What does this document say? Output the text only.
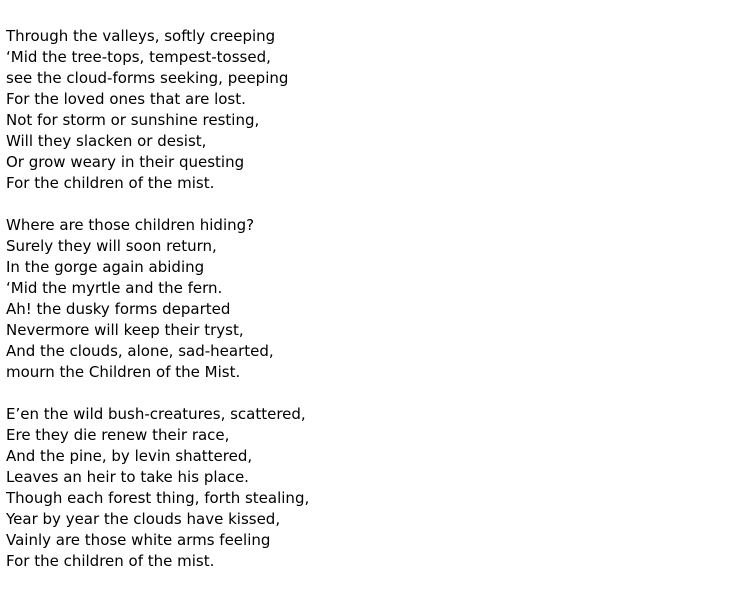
Through the valleys, softly creeping
‘Mid the tree-tops, tempest-tossed,
see the cloud-forms seeking, peeping
For the loved ones that are lost.
Not for storm or sunshine resting,
Will they slacken or desist,
Or grow weary in their questing
For the children of the mist.
Where are those children hiding?
Surely they will soon return,
In the gorge again abiding
‘Mid the myrtle and the fern.
Ah! the dusky forms departed
Nevermore will keep their tryst,
And the clouds, alone, sad-hearted,
mourn the Children of the Mist.
E’en the wild bush-creatures, scattered,
Ere they die renew their race,
And the pine, by levin shattered,
Leaves an heir to take his place.
Though each forest thing, forth stealing,
Year by year the clouds have kissed,
Vainly are those white arms feeling
For the children of the mist.
